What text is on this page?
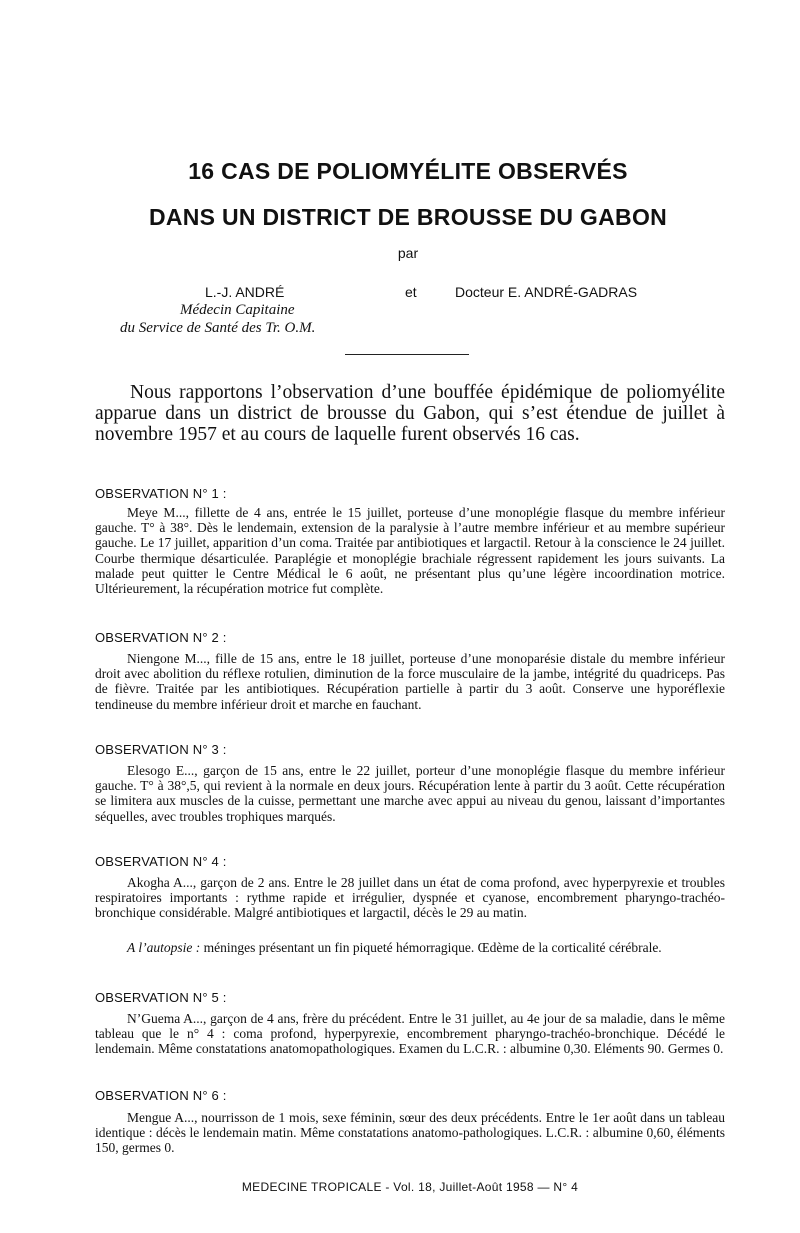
16 CAS DE POLIOMYÉLITE OBSERVÉS
DANS UN DISTRICT DE BROUSSE DU GABON
par
L.-J. ANDRÉ	et	Docteur E. ANDRÉ-GADRAS
Médecin Capitaine
du Service de Santé des Tr. O.M.
Nous rapportons l’observation d’une bouffée épidémique de poliomyélite apparue dans un district de brousse du Gabon, qui s’est étendue de juillet à novembre 1957 et au cours de laquelle furent observés 16 cas.
OBSERVATION N° 1 :
Meye M..., fillette de 4 ans, entrée le 15 juillet, porteuse d’une monoplégie flasque du membre inférieur gauche. T° à 38°. Dès le lendemain, extension de la paralysie à l’autre membre inférieur et au membre supérieur gauche. Le 17 juillet, apparition d’un coma. Traitée par antibiotiques et largactil. Retour à la conscience le 24 juillet. Courbe thermique désarticulée. Paraplégie et monoplégie brachiale régressent rapidement les jours suivants. La malade peut quitter le Centre Médical le 6 août, ne présentant plus qu’une légère incoordination motrice. Ultérieurement, la récupération motrice fut complète.
OBSERVATION N° 2 :
Niengone M..., fille de 15 ans, entre le 18 juillet, porteuse d’une monoparésie distale du membre inférieur droit avec abolition du réflexe rotulien, diminution de la force musculaire de la jambe, intégrité du quadriceps. Pas de fièvre. Traitée par les antibiotiques. Récupération partielle à partir du 3 août. Conserve une hyporéflexie tendineuse du membre inférieur droit et marche en fauchant.
OBSERVATION N° 3 :
Elesogo E..., garçon de 15 ans, entre le 22 juillet, porteur d’une monoplégie flasque du membre inférieur gauche. T° à 38°,5, qui revient à la normale en deux jours. Récupération lente à partir du 3 août. Cette récupération se limitera aux muscles de la cuisse, permettant une marche avec appui au niveau du genou, laissant d’importantes séquelles, avec troubles trophiques marqués.
OBSERVATION N° 4 :
Akogha A..., garçon de 2 ans. Entre le 28 juillet dans un état de coma profond, avec hyperpyrexie et troubles respiratoires importants : rythme rapide et irrégulier, dyspnée et cyanose, encombrement pharyngo-trachéo-bronchique considérable. Malgré antibiotiques et largactil, décès le 29 au matin.
A l’autopsie : méninges présentant un fin piqueté hémorragique. Œdème de la corticalité cérébrale.
OBSERVATION N° 5 :
N’Guema A..., garçon de 4 ans, frère du précédent. Entre le 31 juillet, au 4e jour de sa maladie, dans le même tableau que le n° 4 : coma profond, hyperpyrexie, encombrement pharyngo-trachéo-bronchique. Décédé le lendemain. Même constatations anatomopathologiques. Examen du L.C.R. : albumine 0,30. Eléments 90. Germes 0.
OBSERVATION N° 6 :
Mengue A..., nourrisson de 1 mois, sexe féminin, sœur des deux précédents. Entre le 1er août dans un tableau identique : décès le lendemain matin. Même constatations anatomo-pathologiques. L.C.R. : albumine 0,60, éléments 150, germes 0.
MEDECINE TROPICALE - Vol. 18, Juillet-Août 1958 — N° 4
